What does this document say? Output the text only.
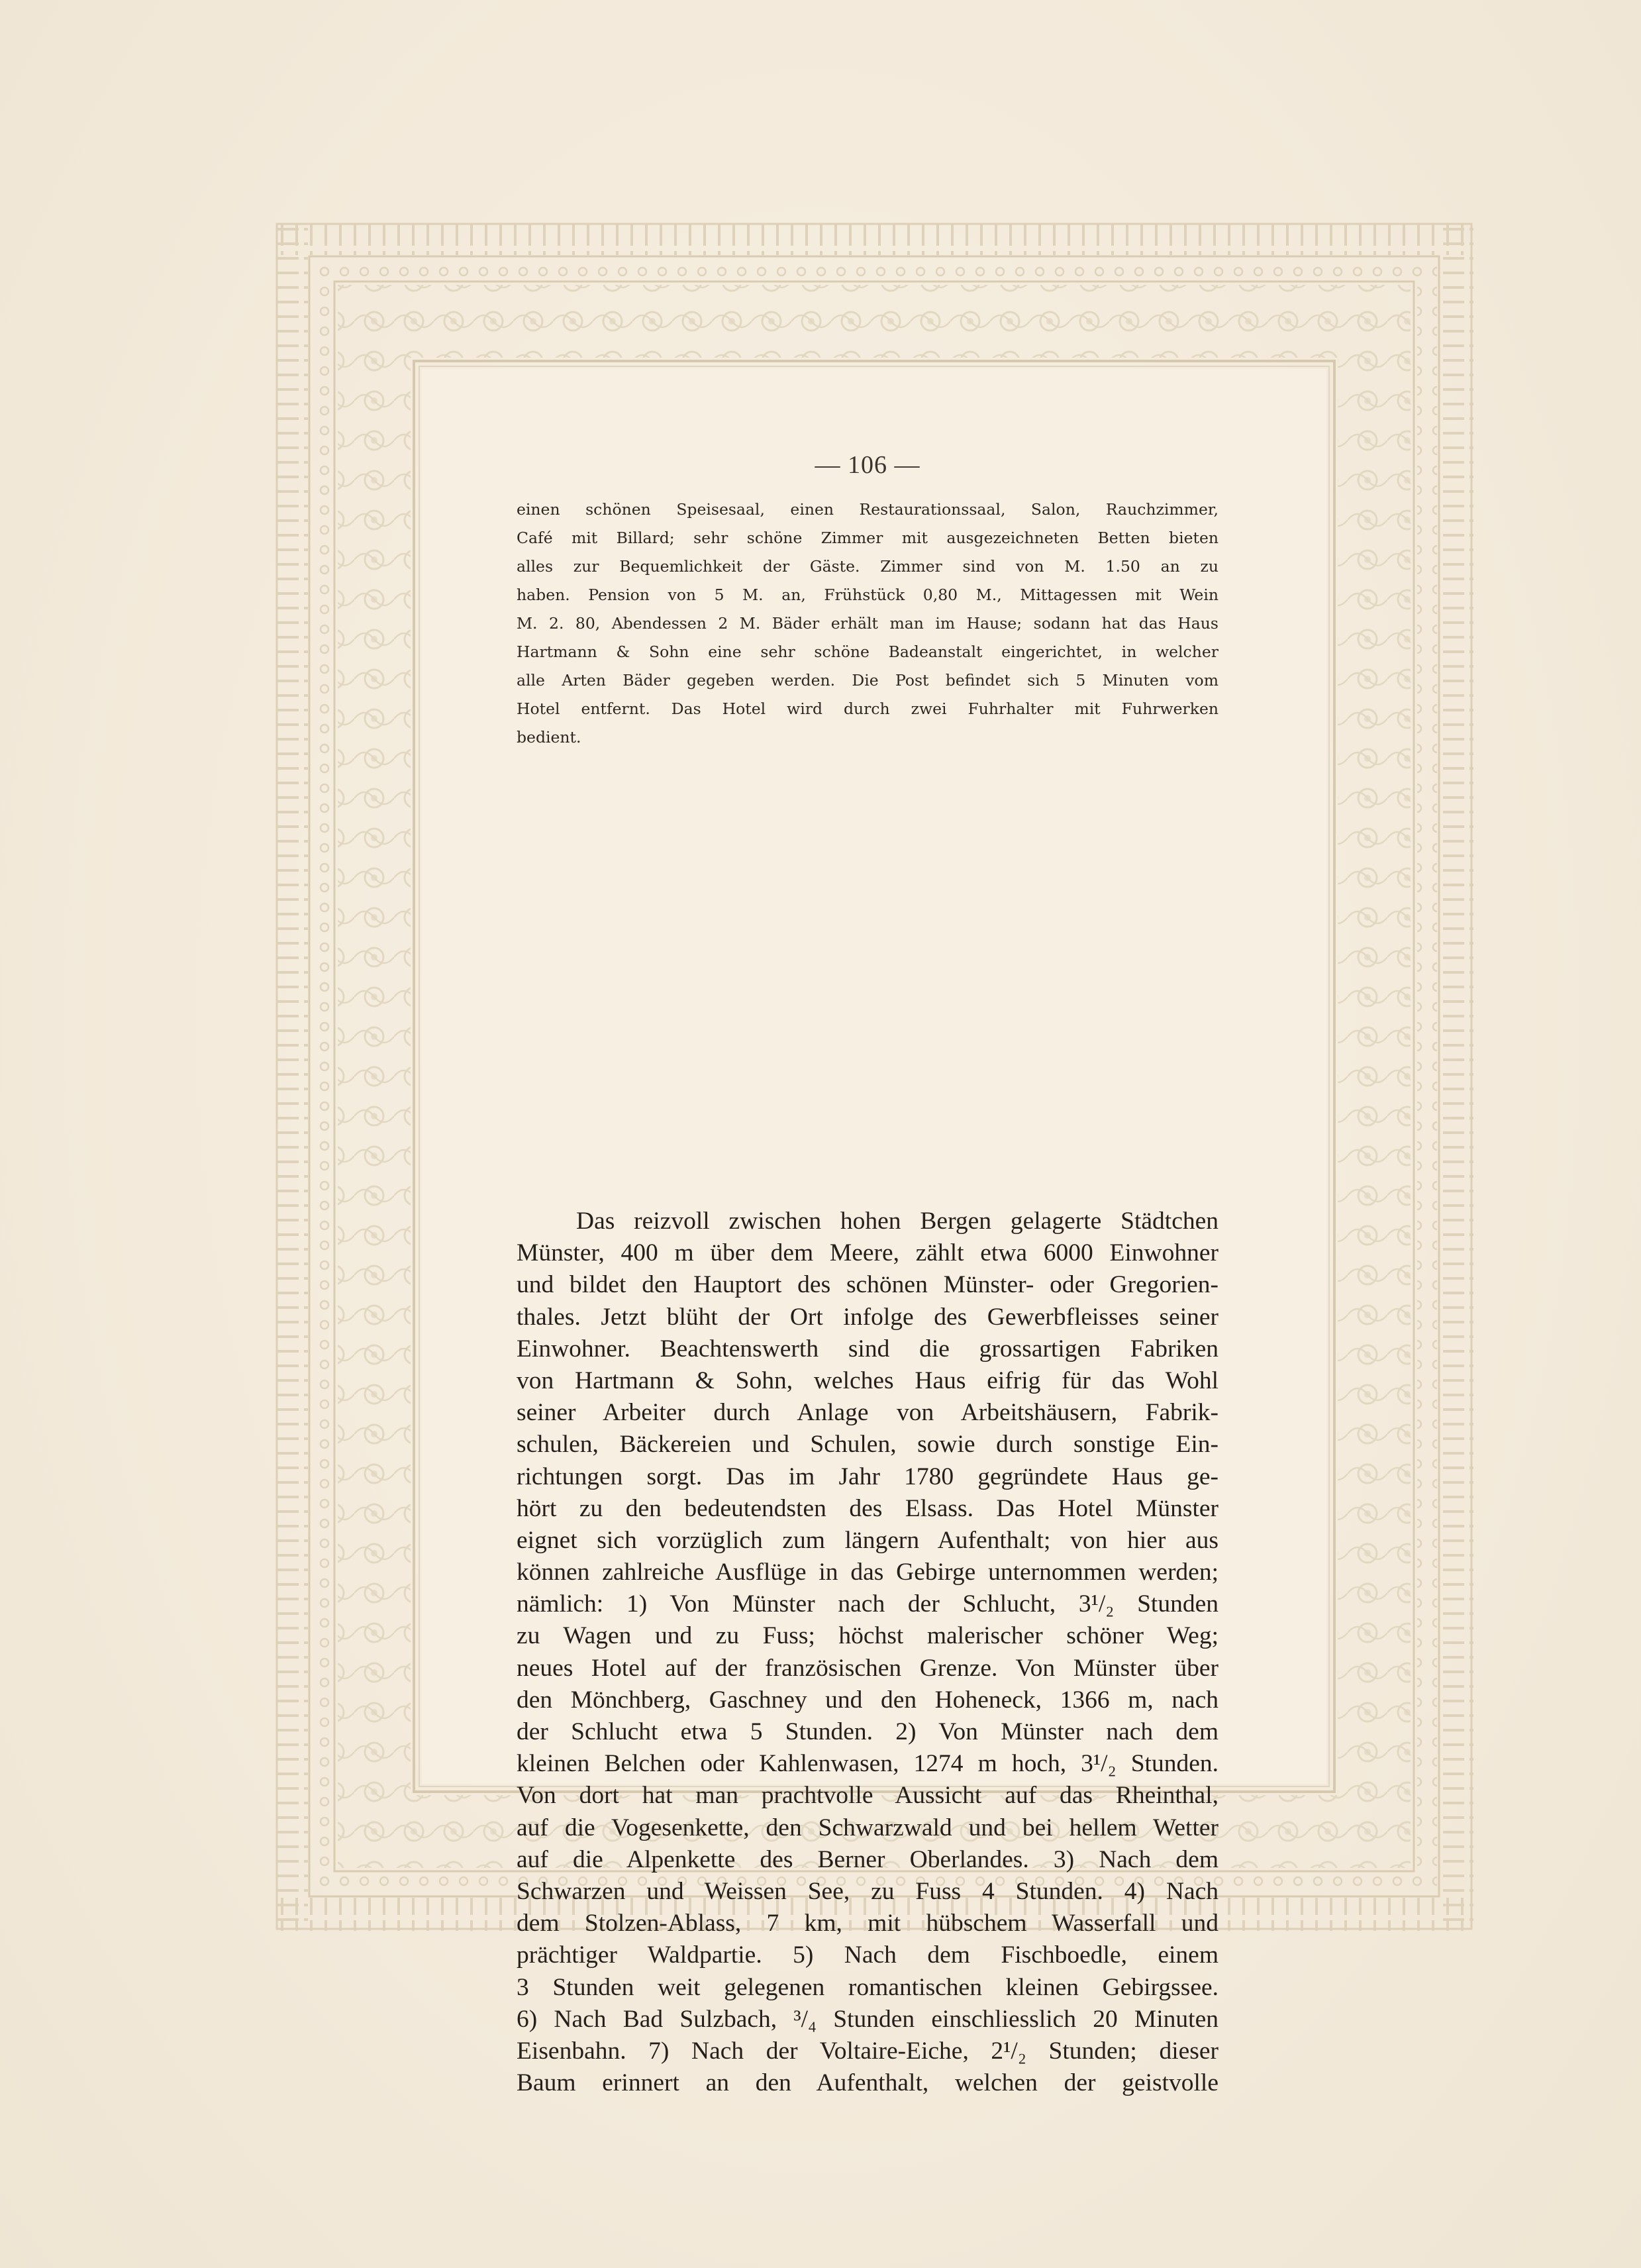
— 106 —
einen schönen Speisesaal, einen Restaurationssaal, Salon, Rauchzimmer,
Café mit Billard; sehr schöne Zimmer mit ausgezeichneten Betten bieten
alles zur Bequemlichkeit der Gäste. Zimmer sind von M. 1.50 an zu
haben. Pension von 5 M. an, Frühstück 0,80 M., Mittagessen mit Wein
M. 2. 80, Abendessen 2 M. Bäder erhält man im Hause; sodann hat das Haus
Hartmann & Sohn eine sehr schöne Badeanstalt eingerichtet, in welcher
alle Arten Bäder gegeben werden. Die Post befindet sich 5 Minuten vom
Hotel entfernt. Das Hotel wird durch zwei Fuhrhalter mit Fuhrwerken
bedient.
Das reizvoll zwischen hohen Bergen gelagerte Städtchen
Münster, 400 m über dem Meere, zählt etwa 6000 Einwohner
und bildet den Hauptort des schönen Münster- oder Gregorien-
thales. Jetzt blüht der Ort infolge des Gewerbfleisses seiner
Einwohner. Beachtenswerth sind die grossartigen Fabriken
von Hartmann & Sohn, welches Haus eifrig für das Wohl
seiner Arbeiter durch Anlage von Arbeitshäusern, Fabrik-
schulen, Bäckereien und Schulen, sowie durch sonstige Ein-
richtungen sorgt. Das im Jahr 1780 gegründete Haus ge-
hört zu den bedeutendsten des Elsass. Das Hotel Münster
eignet sich vorzüglich zum längern Aufenthalt; von hier aus
können zahlreiche Ausflüge in das Gebirge unternommen werden;
nämlich: 1) Von Münster nach der Schlucht, 3¹/₂ Stunden
zu Wagen und zu Fuss; höchst malerischer schöner Weg;
neues Hotel auf der französischen Grenze. Von Münster über
den Mönchberg, Gaschney und den Hoheneck, 1366 m, nach
der Schlucht etwa 5 Stunden. 2) Von Münster nach dem
kleinen Belchen oder Kahlenwasen, 1274 m hoch, 3¹/₂ Stunden.
Von dort hat man prachtvolle Aussicht auf das Rheinthal,
auf die Vogesenkette, den Schwarzwald und bei hellem Wetter
auf die Alpenkette des Berner Oberlandes. 3) Nach dem
Schwarzen und Weissen See, zu Fuss 4 Stunden. 4) Nach
dem Stolzen-Ablass, 7 km, mit hübschem Wasserfall und
prächtiger Waldpartie. 5) Nach dem Fischboedle, einem
3 Stunden weit gelegenen romantischen kleinen Gebirgssee.
6) Nach Bad Sulzbach, ³/₄ Stunden einschliesslich 20 Minuten
Eisenbahn. 7) Nach der Voltaire-Eiche, 2¹/₂ Stunden; dieser
Baum erinnert an den Aufenthalt, welchen der geistvolle
